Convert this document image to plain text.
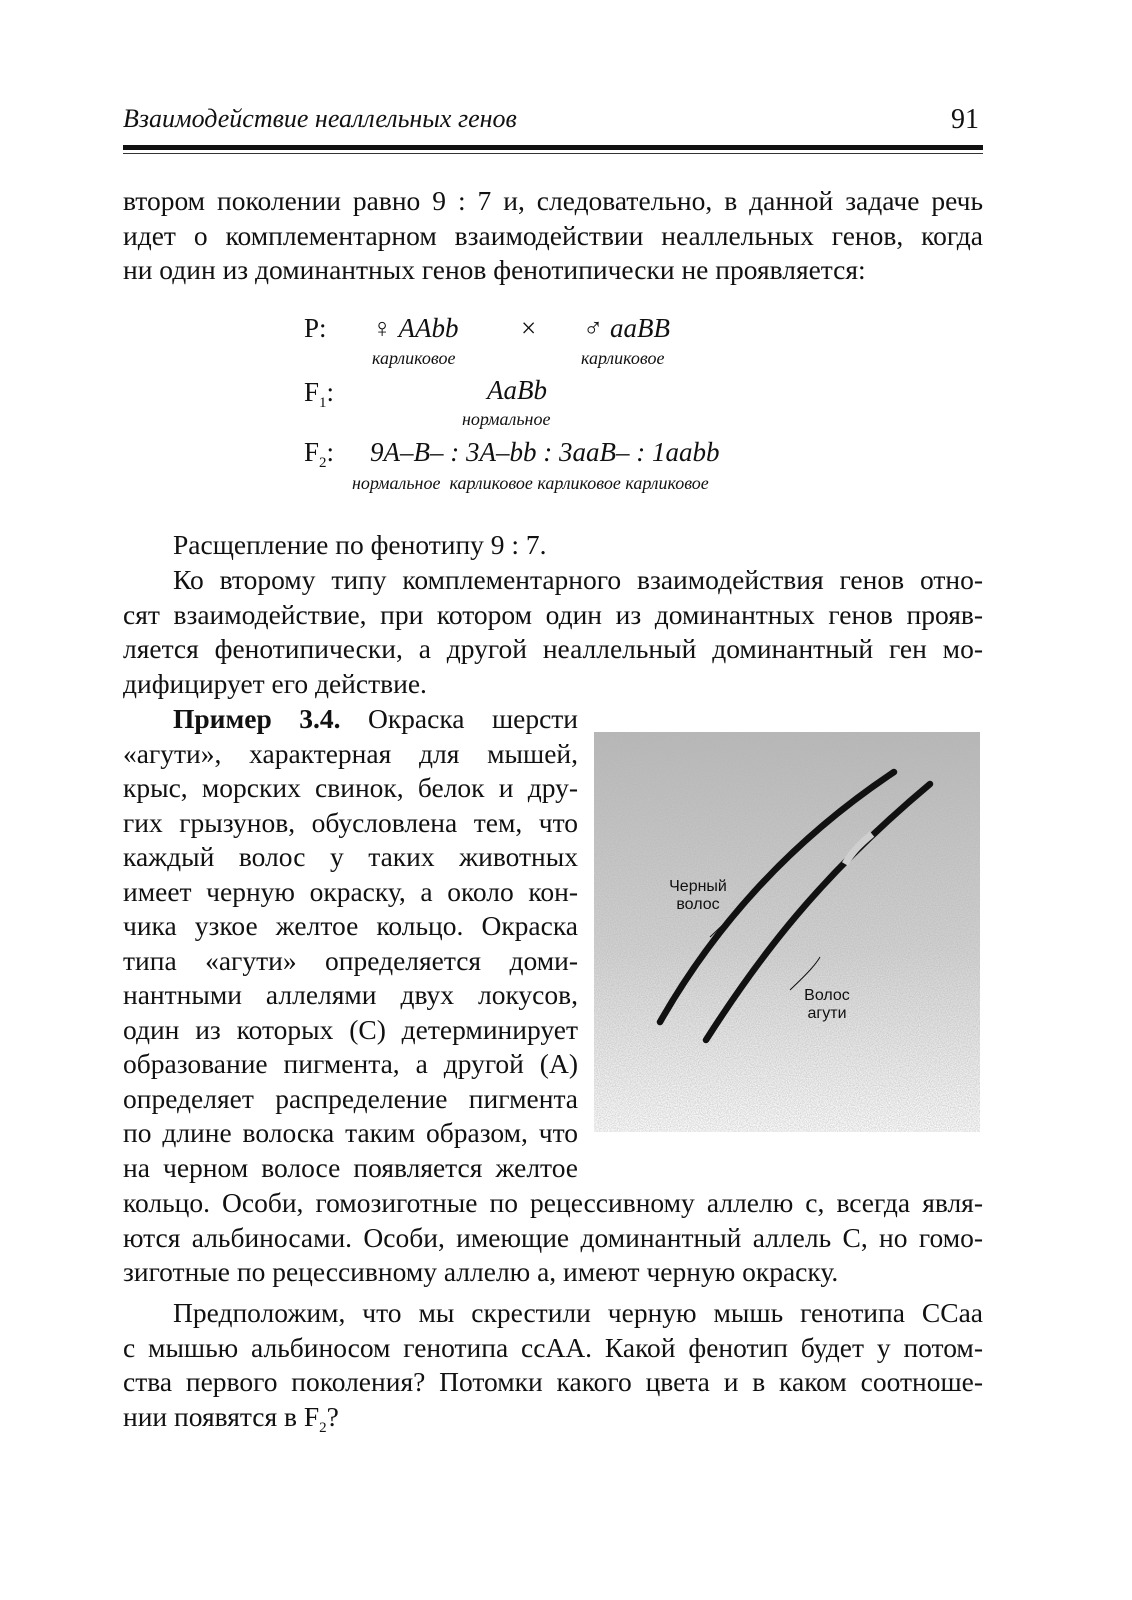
Взаимодействие неаллельных генов	91
втором поколении равно 9 : 7 и, следовательно, в данной задаче речь
идет о комплементарном взаимодействии неаллельных генов, когда
ни один из доминантных генов фенотипически не проявляется:
P: ♀ AAbb × ♂ aaBB
карликовое	карликовое
$F_1$:	AaBb
нормальное
$F_2$: 9A–B– : 3A–bb : 3aaB– : 1aabb
нормальное  карликовое карликовое карликовое
Расщепление по фенотипу 9 : 7.
Ко второму типу комплементарного взаимодействия генов отно-
сят взаимодействие, при котором один из доминантных генов прояв-
ляется фенотипически, а другой неаллельный доминантный ген мо-
дифицирует его действие.
Пример 3.4. Окраска шерсти
«агути», характерная для мышей,
крыс, морских свинок, белок и дру-
гих грызунов, обусловлена тем, что
каждый волос у таких животных
имеет черную окраску, а около кон-
чика узкое желтое кольцо. Окраска
типа «агути» определяется доми-
нантными аллелями двух локусов,
один из которых (C) детерминирует
образование пигмента, а другой (A)
определяет распределение пигмента
по длине волоска таким образом, что
на черном волосе появляется желтое
Черный волос
Волос агути
кольцо. Особи, гомозиготные по рецессивному аллелю c, всегда явля-
ются альбиносами. Особи, имеющие доминантный аллель C, но гомо-
зиготные по рецессивному аллелю a, имеют черную окраску.
Предположим, что мы скрестили черную мышь генотипа CCaa
с мышью альбиносом генотипа ccAA. Какой фенотип будет у потом-
ства первого поколения? Потомки какого цвета и в каком соотноше-
нии появятся в $F_2$?
